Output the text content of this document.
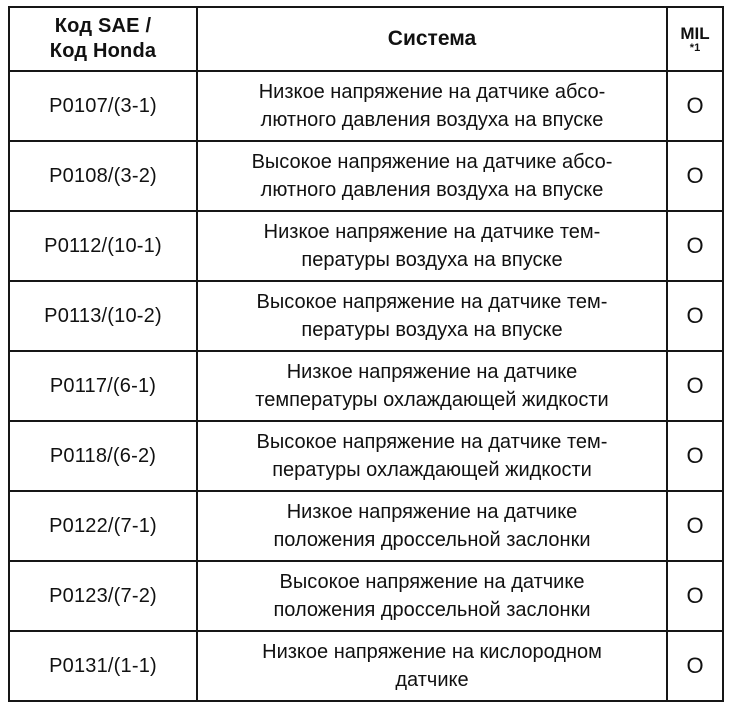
Код SAE /
Код Honda	Система	MIL
*1

P0107/(3-1)	Низкое напряжение на датчике абсо-
лютного давления воздуха на впуске	O
P0108/(3-2)	Высокое напряжение на датчике абсо-
лютного давления воздуха на впуске	O
P0112/(10-1)	Низкое напряжение на датчике тем-
пературы воздуха на впуске	O
P0113/(10-2)	Высокое напряжение на датчике тем-
пературы воздуха на впуске	O
P0117/(6-1)	Низкое напряжение на датчике
температуры охлаждающей жидкости	O
P0118/(6-2)	Высокое напряжение на датчике тем-
пературы охлаждающей жидкости	O
P0122/(7-1)	Низкое напряжение на датчике
положения дроссельной заслонки	O
P0123/(7-2)	Высокое напряжение на датчике
положения дроссельной заслонки	O
P0131/(1-1)	Низкое напряжение на кислородном
датчике	O
